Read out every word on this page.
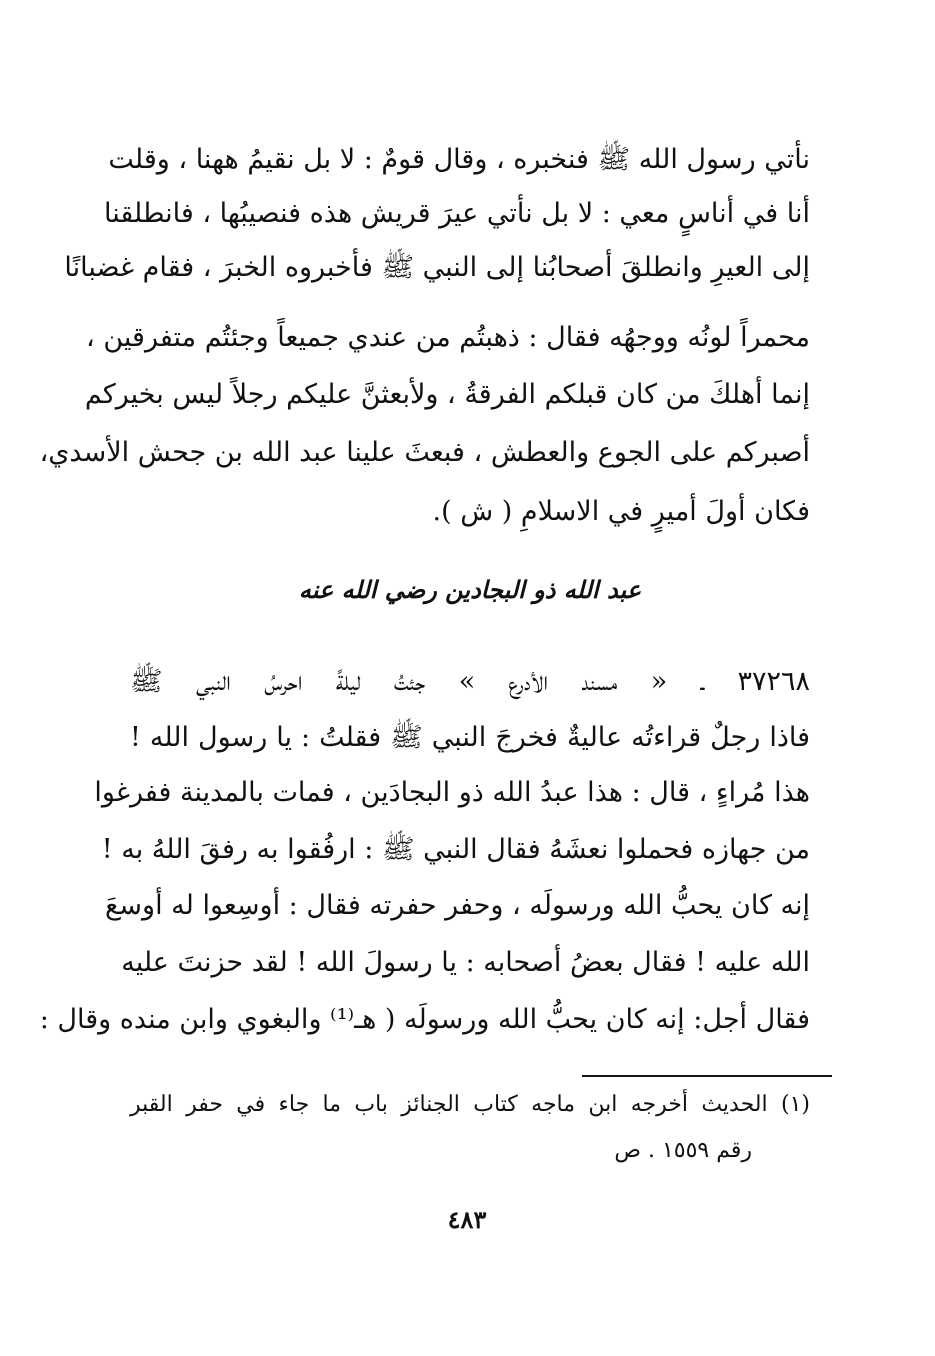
نأتي رسول الله ﷺ فنخبره ، وقال قومٌ : لا بل نقيمُ ههنا ، وقلت
أنا في أناسٍ معي : لا بل نأتي عيرَ قريش هذه فنصيبُها ، فانطلقنا
إلى العيرِ وانطلقَ أصحابُنا إلى النبي ﷺ فأخبروه الخبرَ ، فقام غضبانًا
محمراً لونُه ووجهُه فقال : ذهبتُم من عندي جميعاً وجئتُم متفرقين ،
إنما أهلكَ من كان قبلكم الفرقةُ ، ولأبعثنَّ عليكم رجلاً ليس بخيركم
أصبركم على الجوع والعطش ، فبعثَ علينا عبد الله بن جحش الأسدي،
فكان أولَ أميرٍ في الاسلامِ ( ش ).
عبد الله ذو البجادين رضي الله عنه
٣٧٢٦٨ ـ « مسند الأدرع » جئتُ ليلةً احرسُ النبي ﷺ
فاذا رجلٌ قراءتُه عاليةٌ فخرجَ النبي ﷺ فقلتُ : يا رسول الله !
هذا مُراءٍ ، قال : هذا عبدُ الله ذو البجادَين ، فمات بالمدينة ففرغوا
من جهازه فحملوا نعشَهُ فقال النبي ﷺ : ارفُقوا به رفقَ اللهُ به !
إنه كان يحبُّ الله ورسولَه ، وحفر حفرته فقال : أوسِعوا له أوسعَ
الله عليه ! فقال بعضُ أصحابه : يا رسولَ الله ! لقد حزنتَ عليه
فقال أجل: إنه كان يحبُّ الله ورسولَه ( هـ⁽¹⁾ والبغوي وابن منده وقال :
(١) الحديث أخرجه ابن ماجه كتاب الجنائز باب ما جاء في حفر القبر
رقم ١٥٥٩ . ص
٤٨٣
